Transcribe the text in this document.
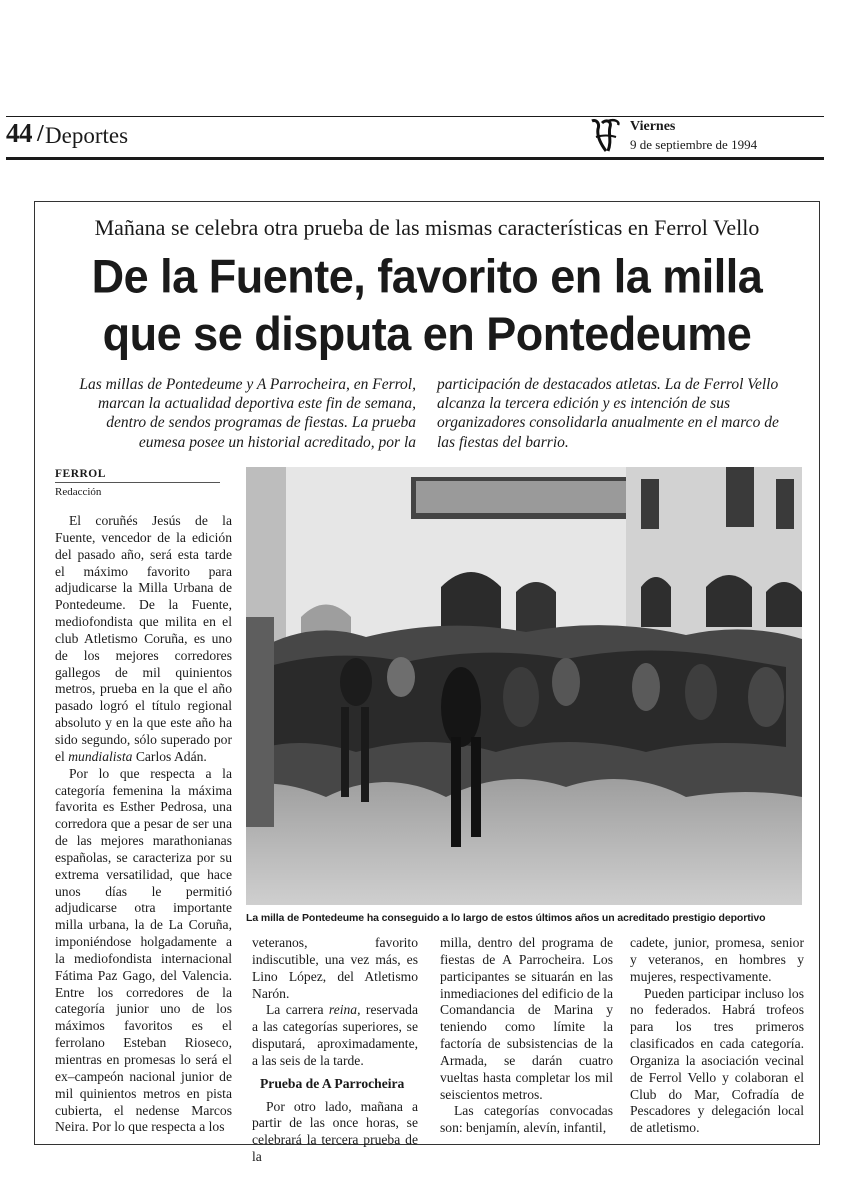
44 / Deportes	Viernes
9 de septiembre de 1994
Mañana se celebra otra prueba de las mismas características en Ferrol Vello
De la Fuente, favorito en la milla
que se disputa en Pontedeume
Las millas de Pontedeume y A Parrocheira, en Ferrol, marcan la actualidad deportiva este fin de semana, dentro de sendos programas de fiestas. La prueba eumesa posee un historial acreditado, por la
participación de destacados atletas. La de Ferrol Vello alcanza la tercera edición y es intención de sus organizadores consolidarla anualmente en el marco de las fiestas del barrio.
FERROL
Redacción

El coruñés Jesús de la Fuente, vencedor de la edición del pasado año, será esta tarde el máximo favorito para adjudicarse la Milla Urbana de Pontedeume. De la Fuente, mediofondista que milita en el club Atletismo Coruña, es uno de los mejores corredores gallegos de mil quinientos metros, prueba en la que el año pasado logró el título regional absoluto y en la que este año ha sido segundo, sólo superado por el mundialista Carlos Adán.

Por lo que respecta a la categoría femenina la máxima favorita es Esther Pedrosa, una corredora que a pesar de ser una de las mejores marathonianas españolas, se caracteriza por su extrema versatilidad, que hace unos días le permitió adjudicarse otra importante milla urbana, la de La Coruña, imponiéndose holgadamente a la mediofondista internacional Fátima Paz Gago, del Valencia. Entre los corredores de la categoría junior uno de los máximos favoritos es el ferrolano Esteban Rioseco, mientras en promesas lo será el ex–campeón nacional junior de mil quinientos metros en pista cubierta, el nedense Marcos Neira. Por lo que respecta a los

La milla de Pontedeume ha conseguido a lo largo de estos últimos años un acreditado prestigio deportivo

veteranos, favorito indiscutible, una vez más, es Lino López, del Atletismo Narón.

La carrera reina, reservada a las categorías superiores, se disputará, aproximadamente, a las seis de la tarde.

Prueba de A Parrocheira

Por otro lado, mañana a partir de las once horas, se celebrará la tercera prueba de la

milla, dentro del programa de fiestas de A Parrocheira. Los participantes se situarán en las inmediaciones del edificio de la Comandancia de Marina y teniendo como límite la factoría de subsistencias de la Armada, se darán cuatro vueltas hasta completar los mil seiscientos metros.

Las categorías convocadas son: benjamín, alevín, infantil,

cadete, junior, promesa, senior y veteranos, en hombres y mujeres, respectivamente.

Pueden participar incluso los no federados. Habrá trofeos para los tres primeros clasificados en cada categoría. Organiza la asociación vecinal de Ferrol Vello y colaboran el Club do Mar, Cofradía de Pescadores y delegación local de atletismo.
